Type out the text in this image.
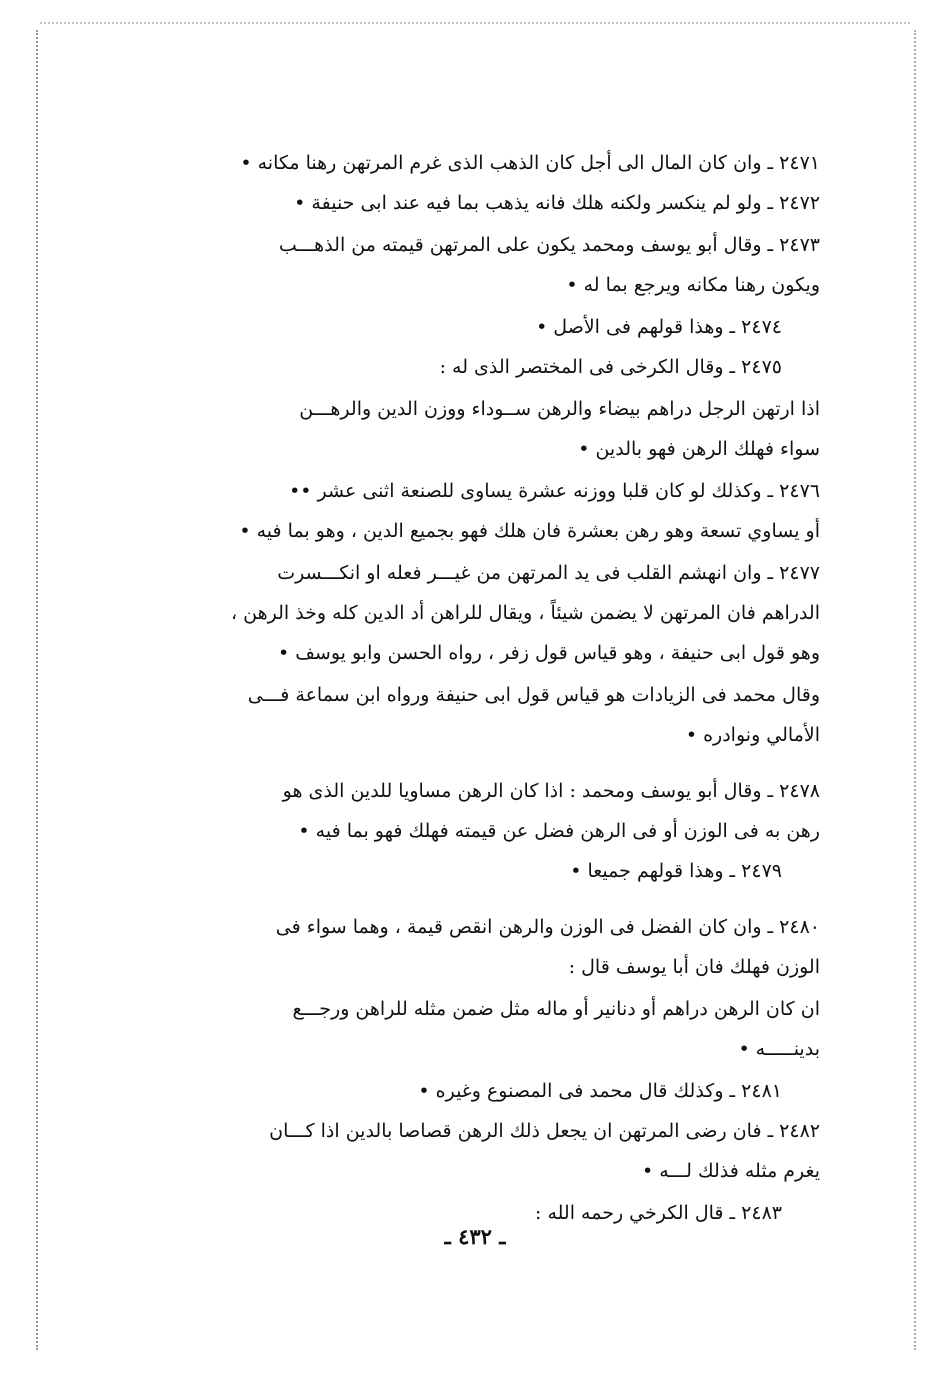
٢٤٧١ ـ وان كان المال الى أجل كان الذهب الذى غرم المرتهن رهنا مكانه •
٢٤٧٢ ـ ولو لم ينكسر ولكنه هلك فانه يذهب بما فيه عند ابى حنيفة •
٢٤٧٣ ـ وقال أبو يوسف ومحمد يكون على المرتهن قيمته من الذهـــب
ويكون رهنا مكانه ويرجع بما له •
٢٤٧٤ ـ وهذا قولهم فى الأصل •
٢٤٧٥ ـ وقال الكرخى فى المختصر الذى له :
اذا ارتهن الرجل دراهم بيضاء والرهن ســوداء ووزن الدين والرهـــن
سواء فهلك الرهن فهو بالدين •
٢٤٧٦ ـ وكذلك لو كان قلبا ووزنه عشرة يساوى للصنعة اثنى عشر ••
أو يساوي تسعة وهو رهن بعشرة فان هلك فهو بجميع الدين ، وهو بما فيه •
٢٤٧٧ ـ وان انهشم القلب فى يد المرتهن من غيـــر فعله او انكـــسرت
الدراهم فان المرتهن لا يضمن شيئاً ، ويقال للراهن أد الدين كله وخذ الرهن ،
وهو قول ابى حنيفة ، وهو قياس قول زفر ، رواه الحسن وابو يوسف •
وقال محمد فى الزيادات هو قياس قول ابى حنيفة ورواه ابن سماعة فـــى
الأمالي ونوادره •
٢٤٧٨ ـ وقال أبو يوسف ومحمد : اذا كان الرهن مساويا للدين الذى هو
رهن به فى الوزن أو فى الرهن فضل عن قيمته فهلك فهو بما فيه •
٢٤٧٩ ـ وهذا قولهم جميعا •
٢٤٨٠ ـ وان كان الفضل فى الوزن والرهن انقص قيمة ، وهما سواء فى
الوزن فهلك فان أبا يوسف قال :
ان كان الرهن دراهم أو دنانير أو ماله مثل ضمن مثله للراهن ورجـــع
بدينـــــه •
٢٤٨١ ـ وكذلك قال محمد فى المصنوع وغيره •
٢٤٨٢ ـ فان رضى المرتهن ان يجعل ذلك الرهن قصاصا بالدين اذا كـــان
يغرم مثله فذلك لـــه •
٢٤٨٣ ـ قال الكرخي رحمه الله :
ـ ٤٣٢ ـ
